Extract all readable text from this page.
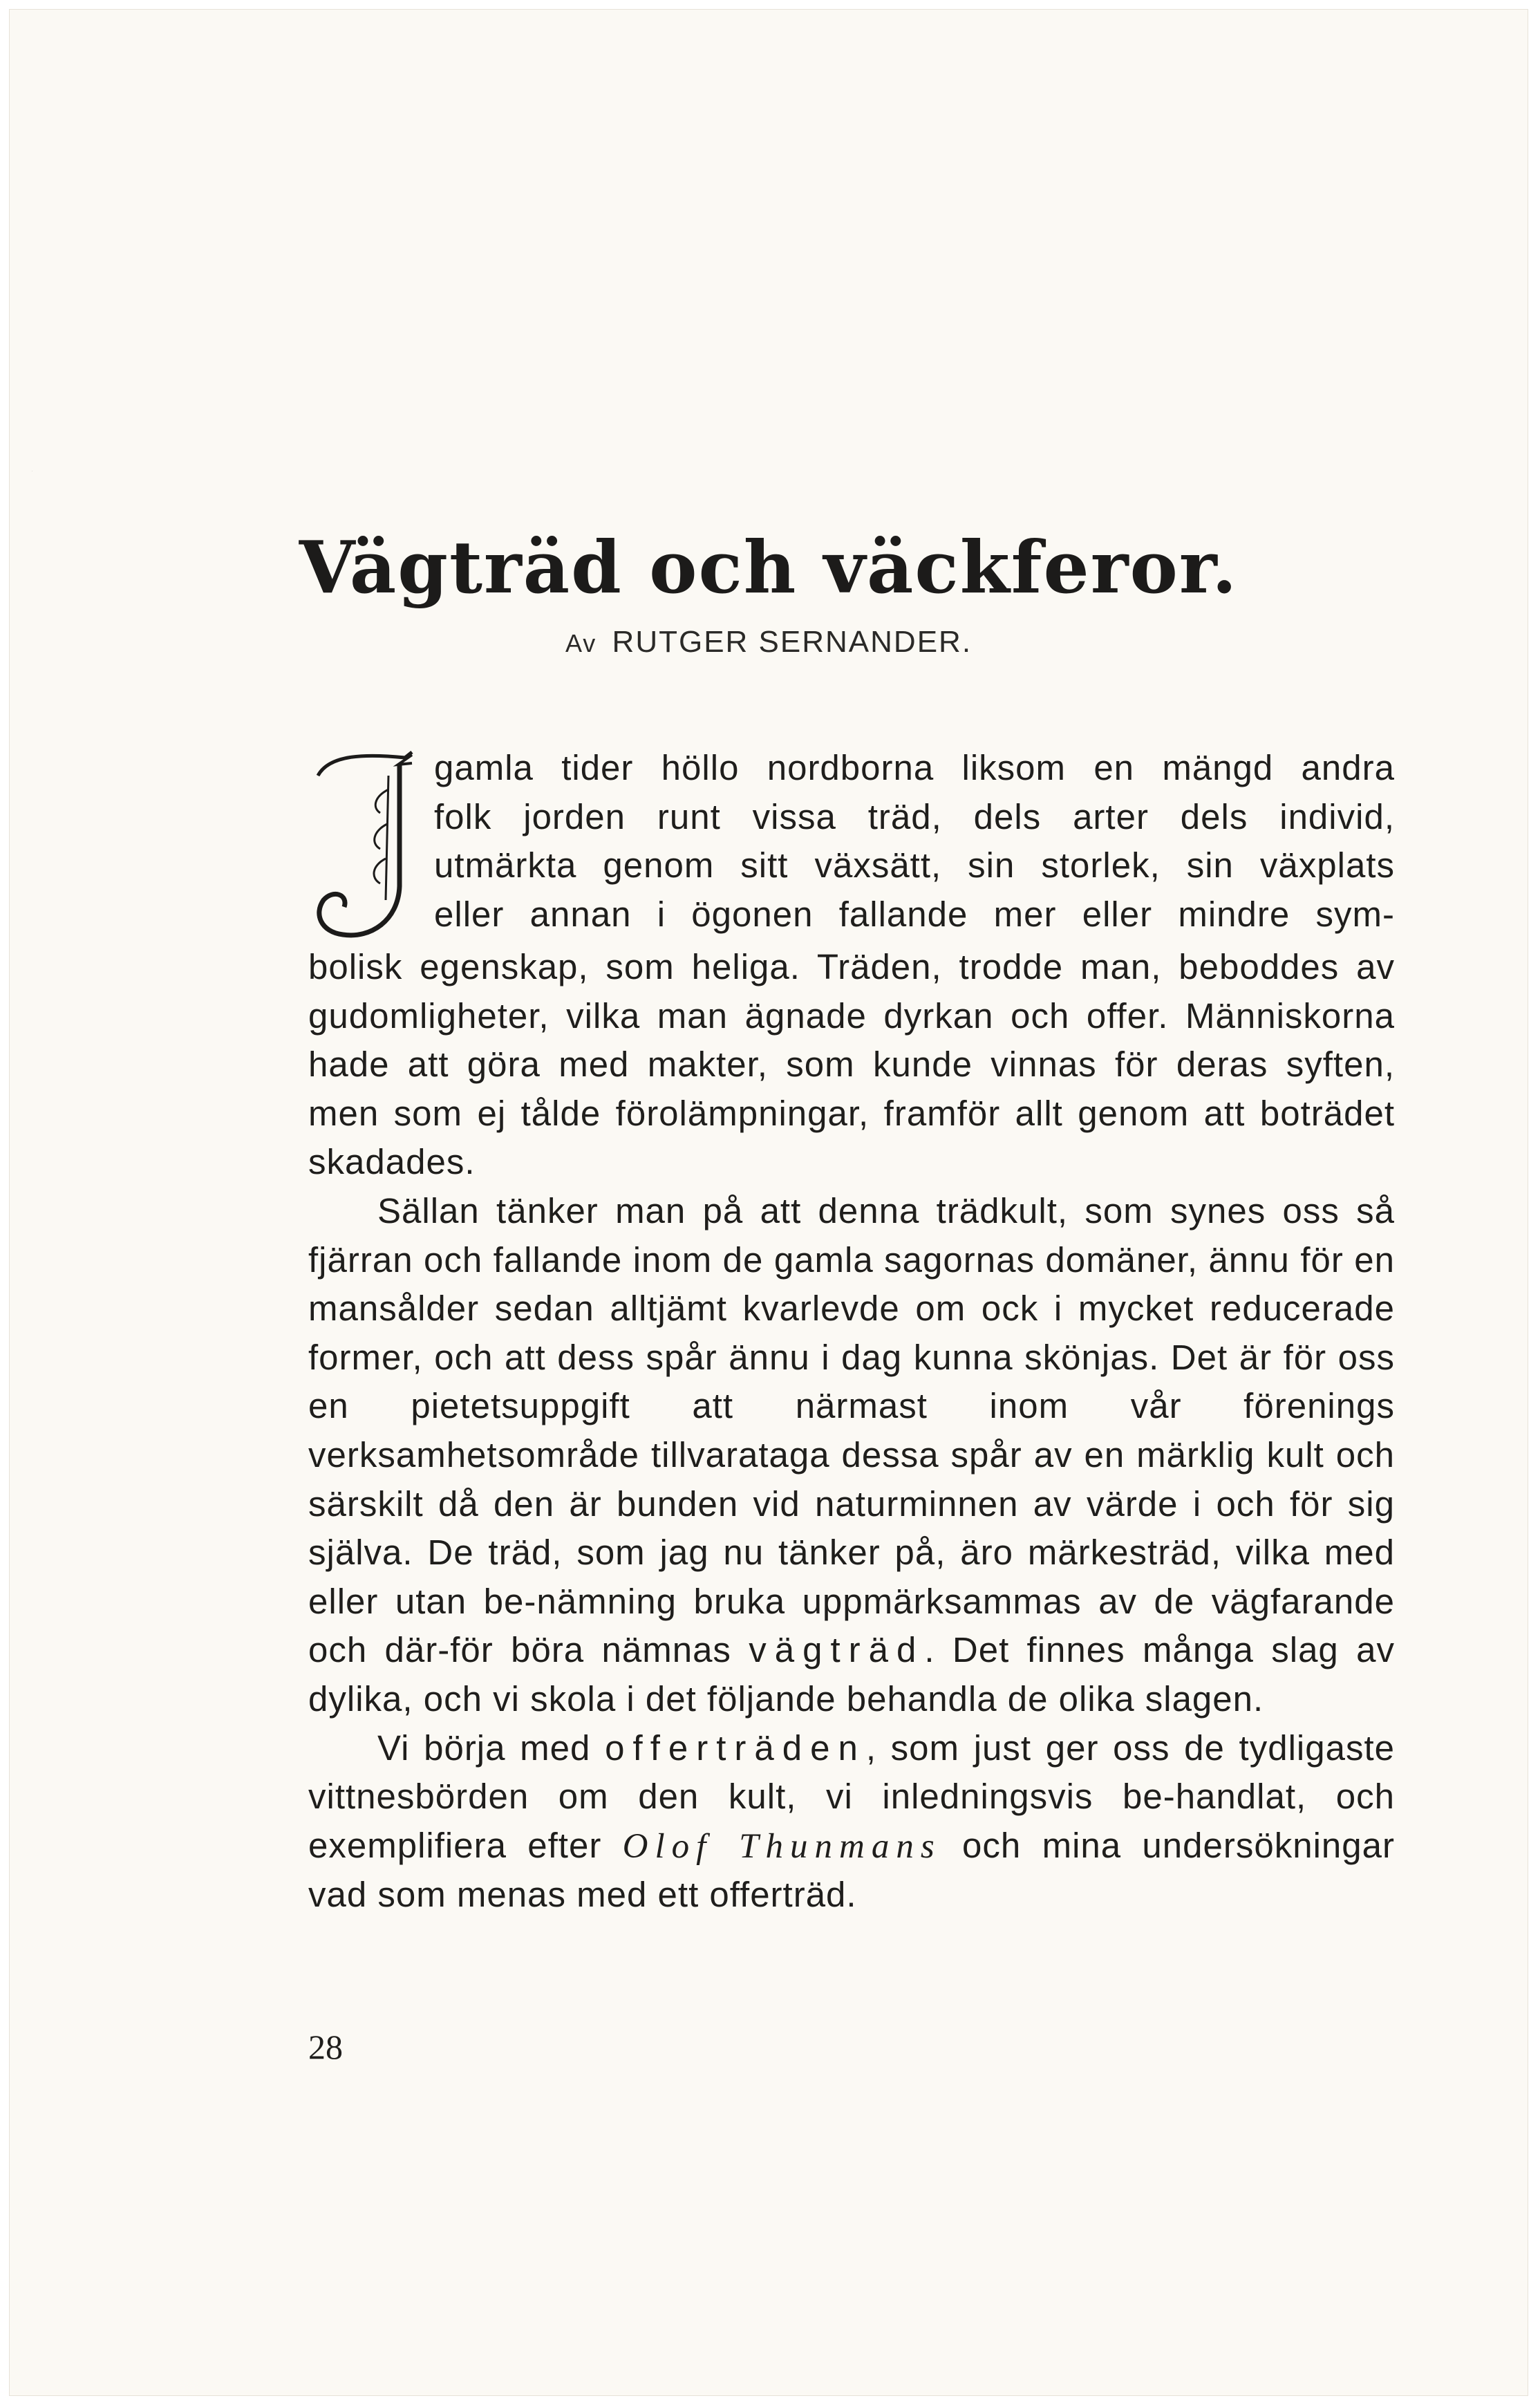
Vägträd och väckferor.
Av RUTGER SERNANDER.
J

gamla tider höllo nordborna liksom en mängd andra

folk jorden runt vissa träd, dels arter dels individ,

utmärkta genom sitt växsätt, sin storlek, sin växplats

eller annan i ögonen fallande mer eller mindre sym-

bolisk egenskap, som heliga. Träden, trodde man, beboddes av gudomligheter, vilka man ägnade dyrkan och offer. Människorna hade att göra med makter, som kunde vinnas för deras syften, men som ej tålde förolämpningar, framför allt genom att boträdet skadades.

Sällan tänker man på att denna trädkult, som synes oss så fjärran och fallande inom de gamla sagornas domäner, ännu för en mansålder sedan alltjämt kvarlevde om ock i mycket reducerade former, och att dess spår ännu i dag kunna skönjas. Det är för oss en pietetsuppgift att närmast inom vår förenings verksamhetsområde tillvaratagа dessa spår av en märklig kult och särskilt då den är bunden vid naturminnen av värde i och för sig själva. De träd, som jag nu tänker på, äro märkesträd, vilka med eller utan be-nämning bruka uppmärksammas av de vägfarande och där-för böra nämnas vägträd. Det finnes många slag av dylika, och vi skola i det följande behandla de olika slagen.

Vi börja med offerträden, som just ger oss de tydligaste vittnesbörden om den kult, vi inledningsvis be-handlat, och exemplifiera efter Olof Thunmans och mina undersökningar vad som menas med ett offerträd.

28
